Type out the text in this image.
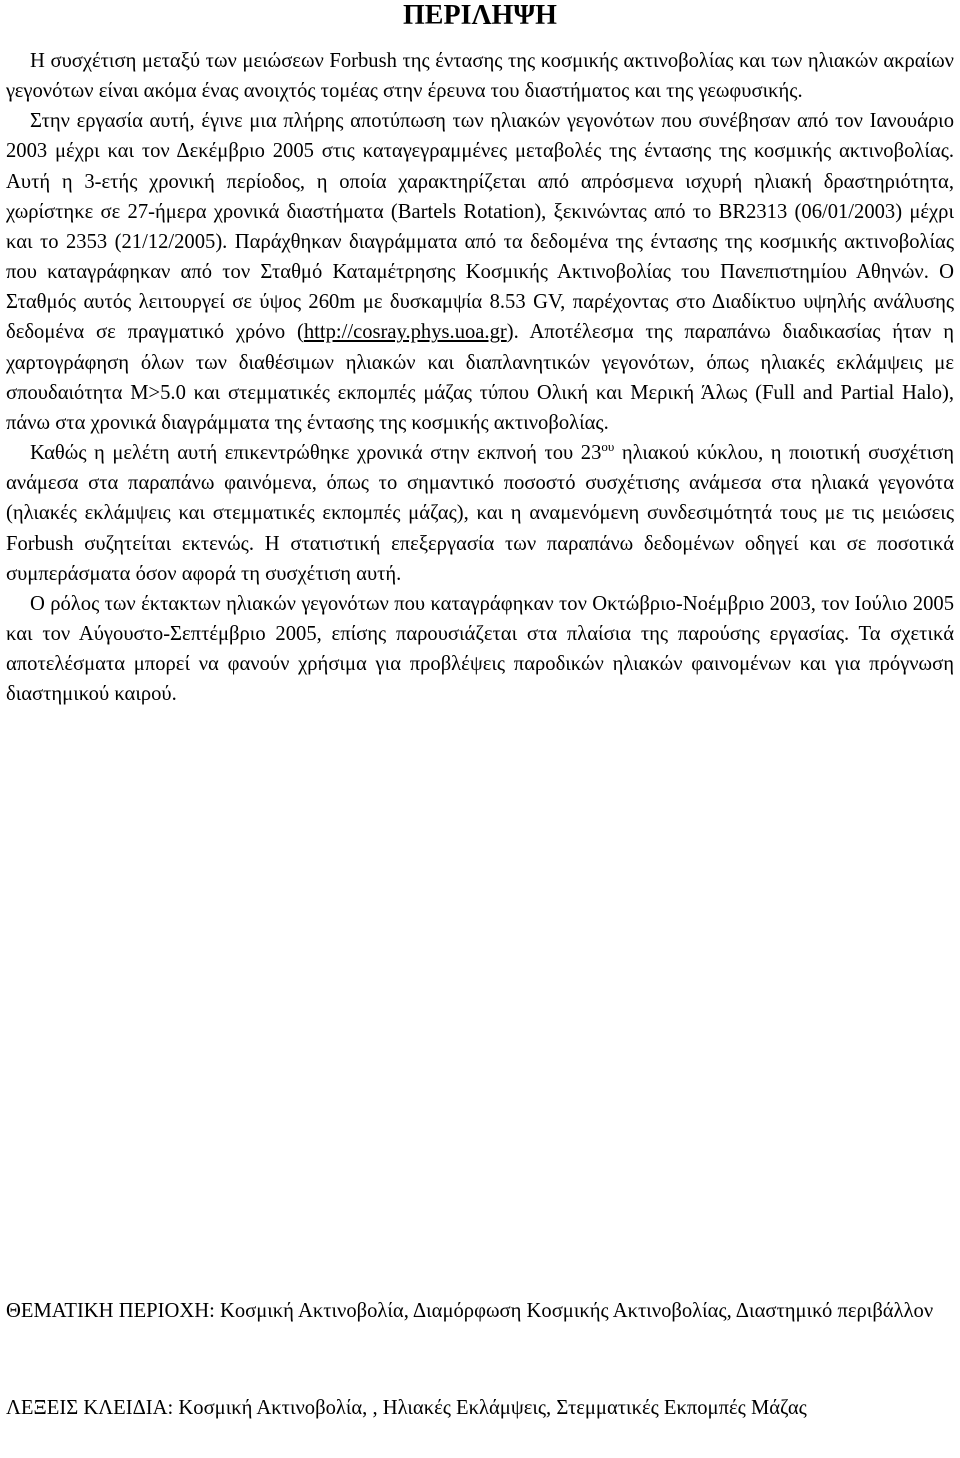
ΠΕΡΙΛΗΨΗ

Η συσχέτιση μεταξύ των μειώσεων Forbush της έντασης της κοσμικής ακτινοβολίας και των ηλιακών ακραίων γεγονότων είναι ακόμα ένας ανοιχτός τομέας στην έρευνα του διαστήματος και της γεωφυσικής.

Στην εργασία αυτή, έγινε μια πλήρης αποτύπωση των ηλιακών γεγονότων που συνέβησαν από τον Ιανουάριο 2003 μέχρι και τον Δεκέμβριο 2005 στις καταγεγραμμένες μεταβολές της έντασης της κοσμικής ακτινοβολίας. Αυτή η 3-ετής χρονική περίοδος, η οποία χαρακτηρίζεται από απρόσμενα ισχυρή ηλιακή δραστηριότητα, χωρίστηκε σε 27-ήμερα χρονικά διαστήματα (Bartels Rotation), ξεκινώντας από το BR2313 (06/01/2003) μέχρι και το 2353 (21/12/2005). Παράχθηκαν διαγράμματα από τα δεδομένα της έντασης της κοσμικής ακτινοβολίας που καταγράφηκαν από τον Σταθμό Καταμέτρησης Κοσμικής Ακτινοβολίας του Πανεπιστημίου Αθηνών. Ο Σταθμός αυτός λειτουργεί σε ύψος 260m με δυσκαμψία 8.53 GV, παρέχοντας στο Διαδίκτυο υψηλής ανάλυσης δεδομένα σε πραγματικό χρόνο (http://cosray.phys.uoa.gr). Αποτέλεσμα της παραπάνω διαδικασίας ήταν η χαρτογράφηση όλων των διαθέσιμων ηλιακών και διαπλανητικών γεγονότων, όπως ηλιακές εκλάμψεις με σπουδαιότητα M>5.0 και στεμματικές εκπομπές μάζας τύπου Ολική και Μερική Άλως (Full and Partial Halo), πάνω στα χρονικά διαγράμματα της έντασης της κοσμικής ακτινοβολίας.

Καθώς η μελέτη αυτή επικεντρώθηκε χρονικά στην εκπνοή του $23^{o\upsilon}$ ηλιακού κύκλου, η ποιοτική συσχέτιση ανάμεσα στα παραπάνω φαινόμενα, όπως το σημαντικό ποσοστό συσχέτισης ανάμεσα στα ηλιακά γεγονότα (ηλιακές εκλάμψεις και στεμματικές εκπομπές μάζας), και η αναμενόμενη συνδεσιμότητά τους με τις μειώσεις Forbush συζητείται εκτενώς. Η στατιστική επεξεργασία των παραπάνω δεδομένων οδηγεί και σε ποσοτικά συμπεράσματα όσον αφορά τη συσχέτιση αυτή.

Ο ρόλος των έκτακτων ηλιακών γεγονότων που καταγράφηκαν τον Οκτώβριο-Νοέμβριο 2003, τον Ιούλιο 2005 και τον Αύγουστο-Σεπτέμβριο 2005, επίσης παρουσιάζεται στα πλαίσια της παρούσης εργασίας. Τα σχετικά αποτελέσματα μπορεί να φανούν χρήσιμα για προβλέψεις παροδικών ηλιακών φαινομένων και για πρόγνωση διαστημικού καιρού.

ΘΕΜΑΤΙΚΗ ΠΕΡΙΟΧΗ: Κοσμική Ακτινοβολία, Διαμόρφωση Κοσμικής Ακτινοβολίας, Διαστημικό περιβάλλον

ΛΕΞΕΙΣ ΚΛΕΙΔΙΑ: Κοσμική Ακτινοβολία, , Ηλιακές Εκλάμψεις, Στεμματικές Εκπομπές Μάζας
